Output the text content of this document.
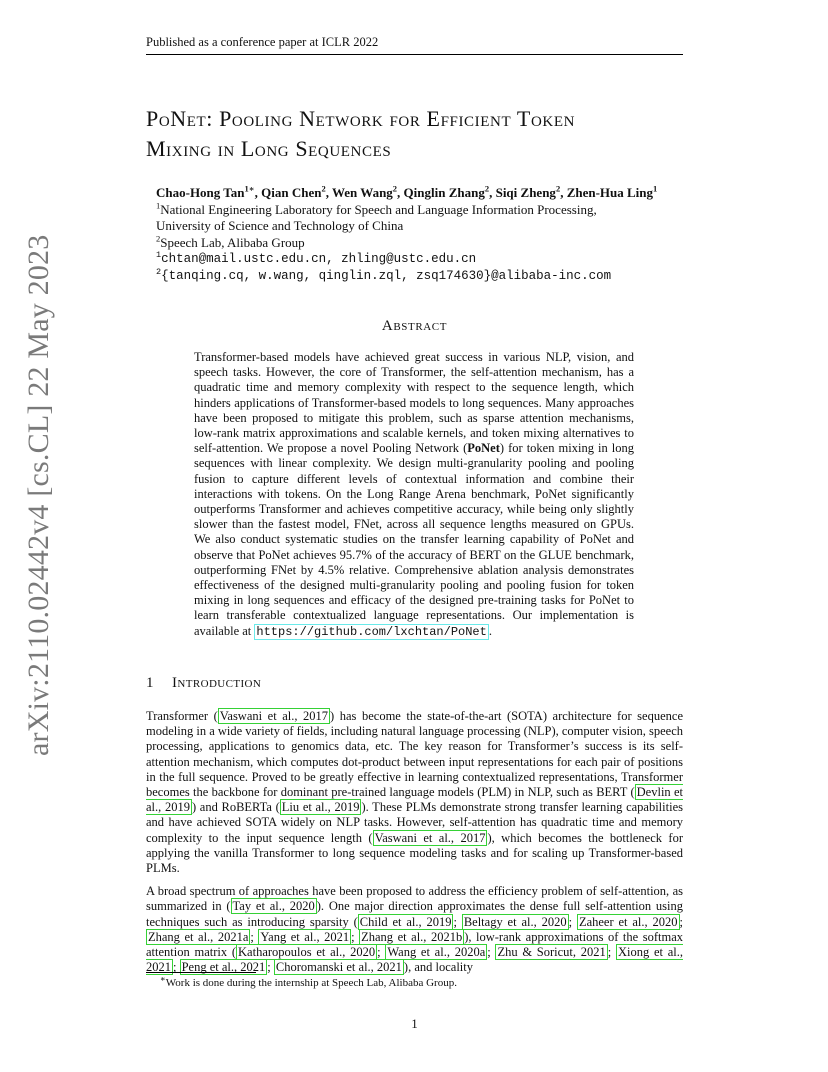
Published as a conference paper at ICLR 2022
arXiv:2110.02442v4 [cs.CL] 22 May 2023
PoNet: Pooling Network for Efficient Token
Mixing in Long Sequences
Chao-Hong Tan$^{1∗}$, Qian Chen$^2$, Wen Wang$^2$, Qinglin Zhang$^2$, Siqi Zheng$^2$, Zhen-Hua Ling$^1$
$^1$National Engineering Laboratory for Speech and Language Information Processing,
University of Science and Technology of China
$^2$Speech Lab, Alibaba Group
$^1$chtan@mail.ustc.edu.cn, zhling@ustc.edu.cn
$^2${tanqing.cq, w.wang, qinglin.zql, zsq174630}@alibaba-inc.com
Abstract
Transformer-based models have achieved great success in various NLP, vision, and speech tasks. However, the core of Transformer, the self-attention mechanism, has a quadratic time and memory complexity with respect to the sequence length, which hinders applications of Transformer-based models to long sequences. Many approaches have been proposed to mitigate this problem, such as sparse attention mechanisms, low-rank matrix approximations and scalable kernels, and token mixing alternatives to self-attention. We propose a novel Pooling Network (PoNet) for token mixing in long sequences with linear complexity. We design multi-granularity pooling and pooling fusion to capture different levels of contextual information and combine their interactions with tokens. On the Long Range Arena benchmark, PoNet significantly outperforms Transformer and achieves competitive accuracy, while being only slightly slower than the fastest model, FNet, across all sequence lengths measured on GPUs. We also conduct systematic studies on the transfer learning capability of PoNet and observe that PoNet achieves 95.7% of the accuracy of BERT on the GLUE benchmark, outperforming FNet by 4.5% relative. Comprehensive ablation analysis demonstrates effectiveness of the designed multi-granularity pooling and pooling fusion for token mixing in long sequences and efficacy of the designed pre-training tasks for PoNet to learn transferable contextualized language representations. Our implementation is available at https://github.com/lxchtan/PoNet .
1 Introduction

Transformer ( Vaswani et al., 2017 ) has become the state-of-the-art (SOTA) architecture for sequence modeling in a wide variety of fields, including natural language processing (NLP), computer vision, speech processing, applications to genomics data, etc. The key reason for Transformer’s success is its self-attention mechanism, which computes dot-product between input representations for each pair of positions in the full sequence. Proved to be greatly effective in learning contextualized representations, Transformer becomes the backbone for dominant pre-trained language models (PLM) in NLP, such as BERT ( Devlin et al., 2019 ) and RoBERTa ( Liu et al., 2019 ). These PLMs demonstrate strong transfer learning capabilities and have achieved SOTA widely on NLP tasks. However, self-attention has quadratic time and memory complexity to the input sequence length ( Vaswani et al., 2017 ), which becomes the bottleneck for applying the vanilla Transformer to long sequence modeling tasks and for scaling up Transformer-based PLMs.

A broad spectrum of approaches have been proposed to address the efficiency problem of self-attention, as summarized in ( Tay et al., 2020 ). One major direction approximates the dense full self-attention using techniques such as introducing sparsity ( Child et al., 2019 ; Beltagy et al., 2020 ; Zaheer et al., 2020 ; Zhang et al., 2021a ; Yang et al., 2021 ; Zhang et al., 2021b ), low-rank approximations of the softmax attention matrix ( Katharopoulos et al., 2020 ; Wang et al., 2020a ; Zhu & Soricut, 2021 ; Xiong et al., 2021 ; Peng et al., 2021 ; Choromanski et al., 2021 ), and locality

∗Work is done during the internship at Speech Lab, Alibaba Group.
1
